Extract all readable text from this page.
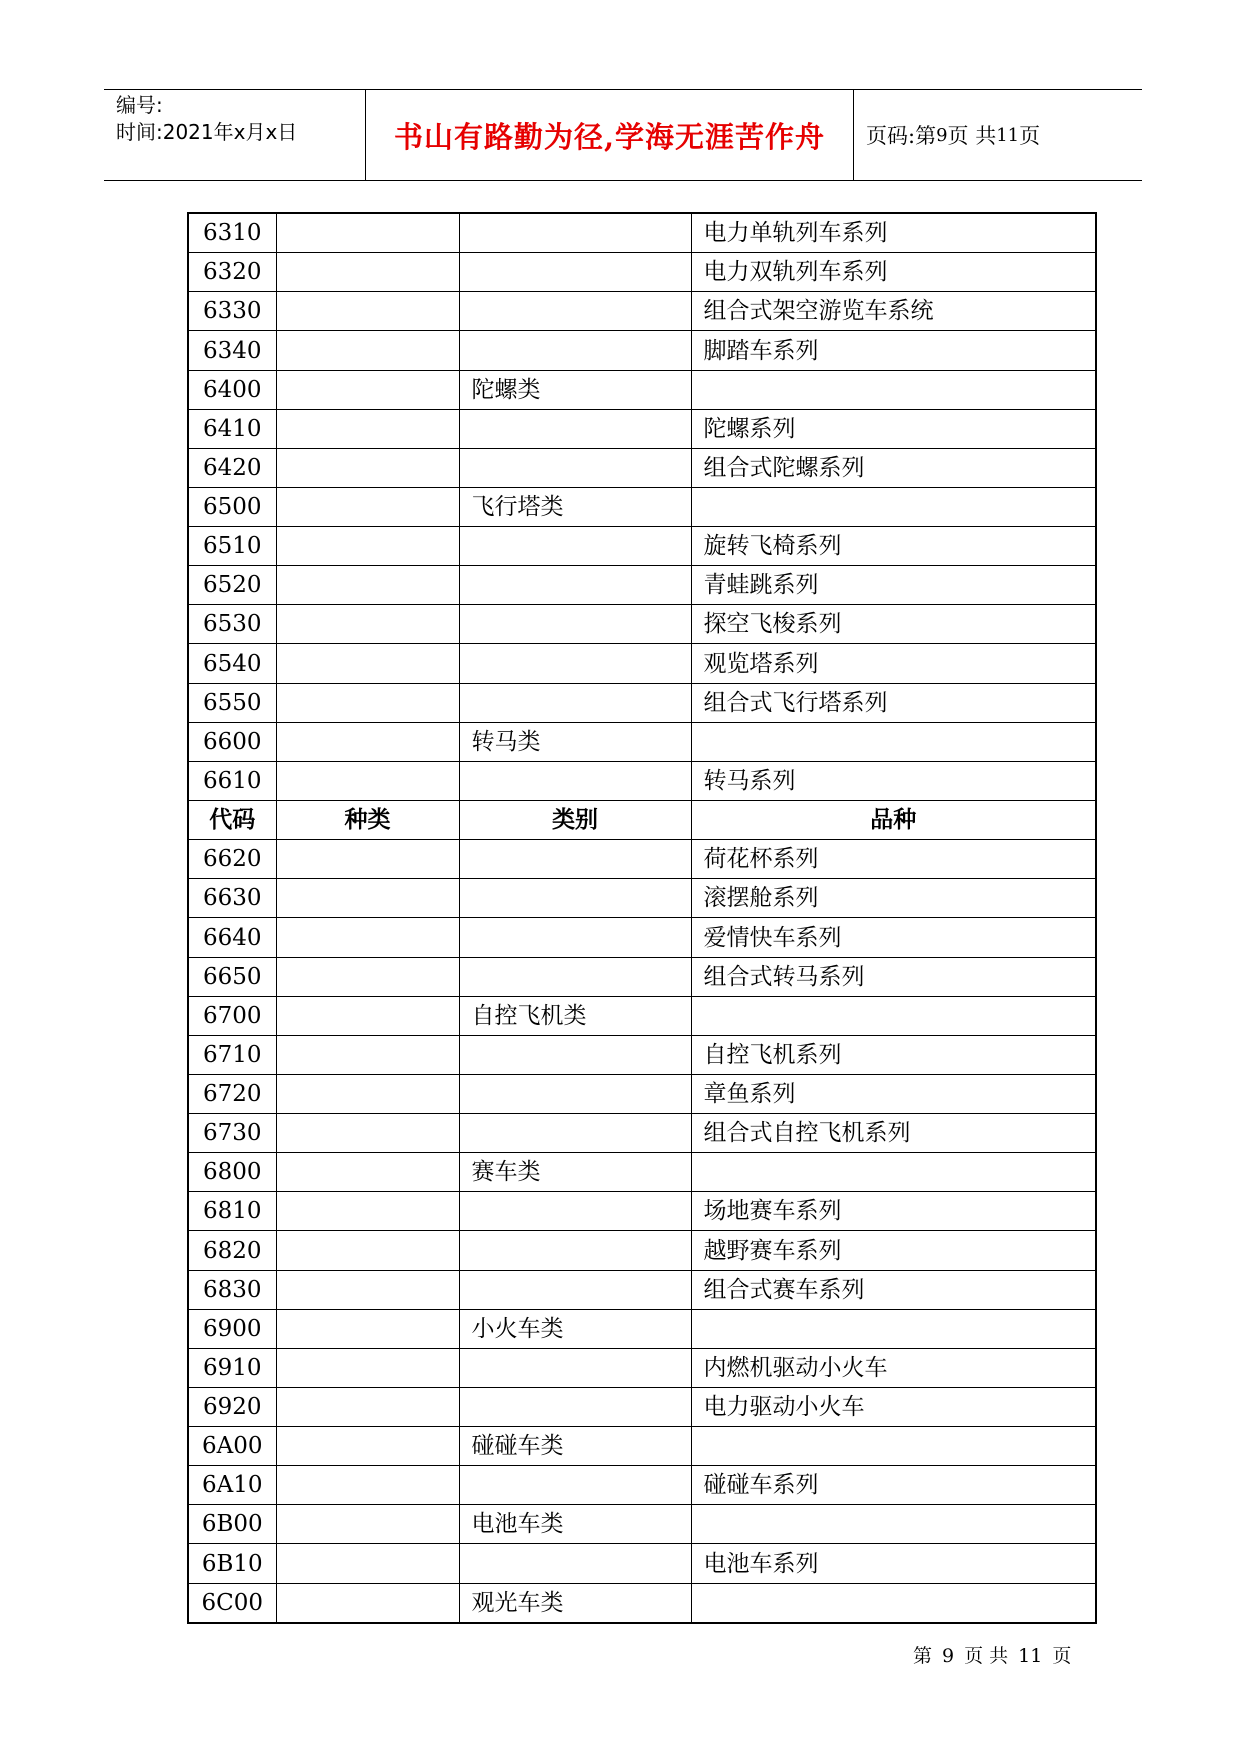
编号:
时间:2021年x月x日	书山有路勤为径,学海无涯苦作舟	页码:第 9 页 共 11 页
6310			电力单轨列车系列
6320			电力双轨列车系列
6330			组合式架空游览车系统
6340			脚踏车系列
6400		陀螺类	
6410			陀螺系列
6420			组合式陀螺系列
6500		飞行塔类	
6510			旋转飞椅系列
6520			青蛙跳系列
6530			探空飞梭系列
6540			观览塔系列
6550			组合式飞行塔系列
6600		转马类	
6610			转马系列
代码	种类	类别	品种
6620			荷花杯系列
6630			滚摆舱系列
6640			爱情快车系列
6650			组合式转马系列
6700		自控飞机类	
6710			自控飞机系列
6720			章鱼系列
6730			组合式自控飞机系列
6800		赛车类	
6810			场地赛车系列
6820			越野赛车系列
6830			组合式赛车系列
6900		小火车类	
6910			内燃机驱动小火车
6920			电力驱动小火车
6A00		碰碰车类	
6A10			碰碰车系列
6B00		电池车类	
6B10			电池车系列
6C00		观光车类	
第 9 页 共 11 页
